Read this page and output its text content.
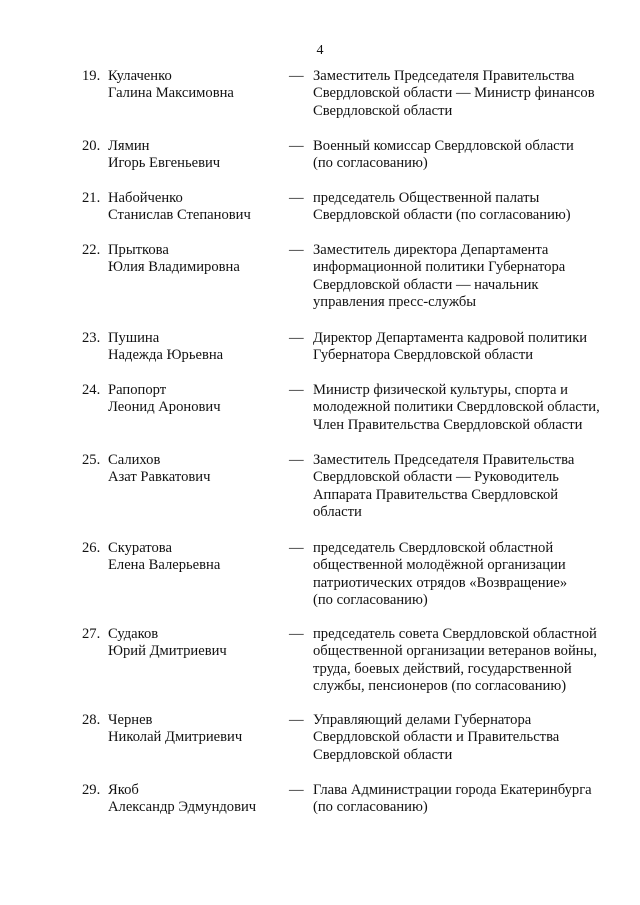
4
19. Кулаченко
Галина Максимовна
— Заместитель Председателя Правительства
Свердловской области — Министр финансов
Свердловской области
20. Лямин
Игорь Евгеньевич
— Военный комиссар Свердловской области
(по согласованию)
21. Набойченко
Станислав Степанович
— председатель Общественной палаты
Свердловской области (по согласованию)
22. Прыткова
Юлия Владимировна
— Заместитель директора Департамента
информационной политики Губернатора
Свердловской области — начальник
управления пресс-службы
23. Пушина
Надежда Юрьевна
— Директор Департамента кадровой политики
Губернатора Свердловской области
24. Рапопорт
Леонид Аронович
— Министр физической культуры, спорта и
молодежной политики Свердловской области,
Член Правительства Свердловской области
25. Салихов
Азат Равкатович
— Заместитель Председателя Правительства
Свердловской области — Руководитель
Аппарата Правительства Свердловской
области
26. Скуратова
Елена Валерьевна
— председатель Свердловской областной
общественной молодёжной организации
патриотических отрядов «Возвращение»
(по согласованию)
27. Судаков
Юрий Дмитриевич
— председатель совета Свердловской областной
общественной организации ветеранов войны,
труда, боевых действий, государственной
службы, пенсионеров (по согласованию)
28. Чернев
Николай Дмитриевич
— Управляющий делами Губернатора
Свердловской области и Правительства
Свердловской области
29. Якоб
Александр Эдмундович
— Глава Администрации города Екатеринбурга
(по согласованию)
